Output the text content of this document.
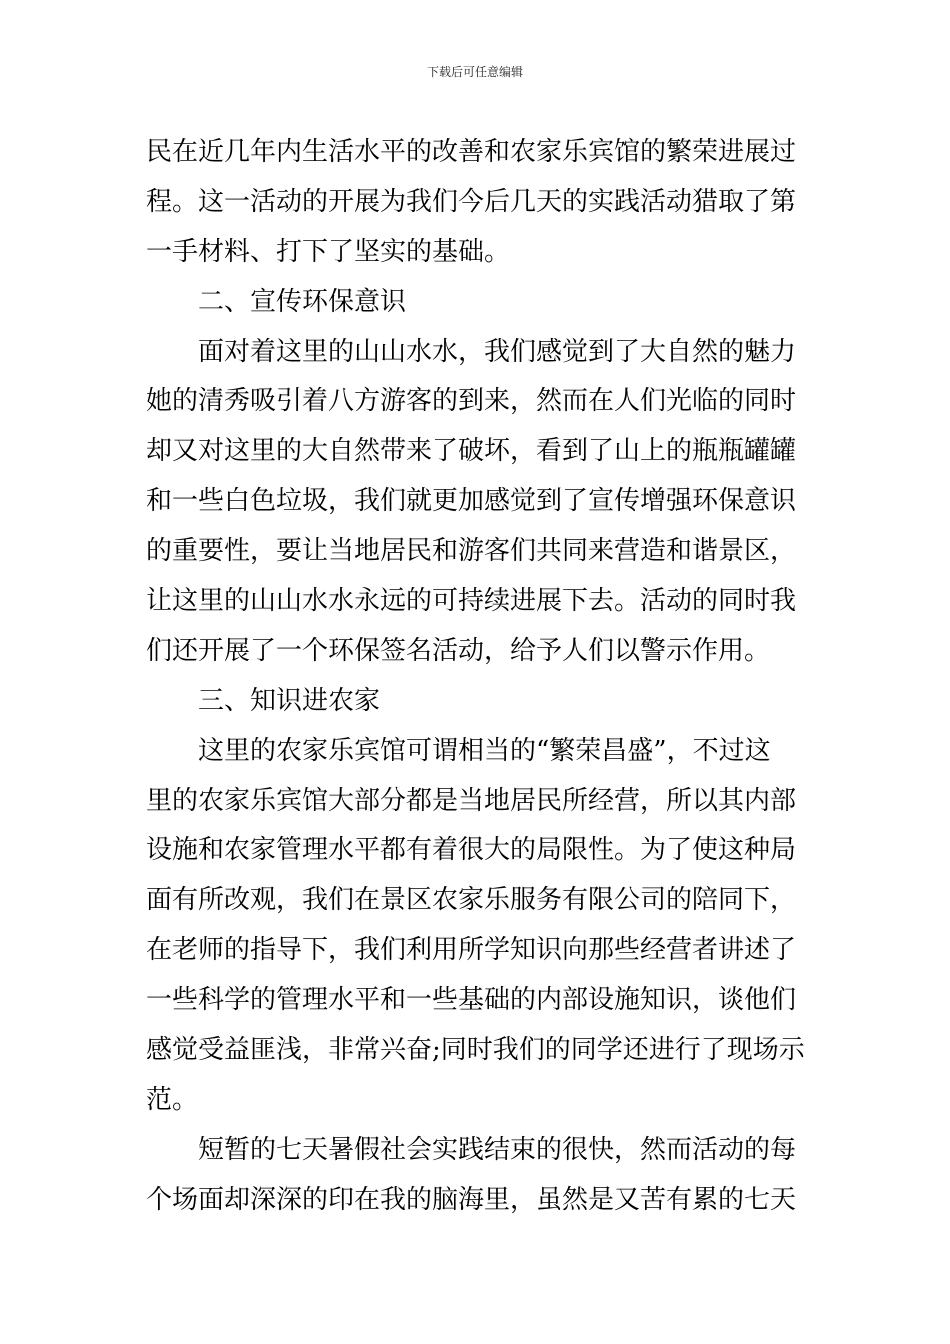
下载后可任意编辑
民在近几年内生活水平的改善和农家乐宾馆的繁荣进展过
程。这一活动的开展为我们今后几天的实践活动猎取了第
一手材料、打下了坚实的基础。
二、宣传环保意识
面对着这里的山山水水，我们感觉到了大自然的魅力
她的清秀吸引着八方游客的到来，然而在人们光临的同时
却又对这里的大自然带来了破坏，看到了山上的瓶瓶罐罐
和一些白色垃圾，我们就更加感觉到了宣传增强环保意识
的重要性，要让当地居民和游客们共同来营造和谐景区，
让这里的山山水水永远的可持续进展下去。活动的同时我
们还开展了一个环保签名活动，给予人们以警示作用。
三、知识进农家
这里的农家乐宾馆可谓相当的“繁荣昌盛”，不过这
里的农家乐宾馆大部分都是当地居民所经营，所以其内部
设施和农家管理水平都有着很大的局限性。为了使这种局
面有所改观，我们在景区农家乐服务有限公司的陪同下，
在老师的指导下，我们利用所学知识向那些经营者讲述了
一些科学的管理水平和一些基础的内部设施知识，谈他们
感觉受益匪浅，非常兴奋;同时我们的同学还进行了现场示
范。
短暂的七天暑假社会实践结束的很快，然而活动的每
个场面却深深的印在我的脑海里，虽然是又苦有累的七天
